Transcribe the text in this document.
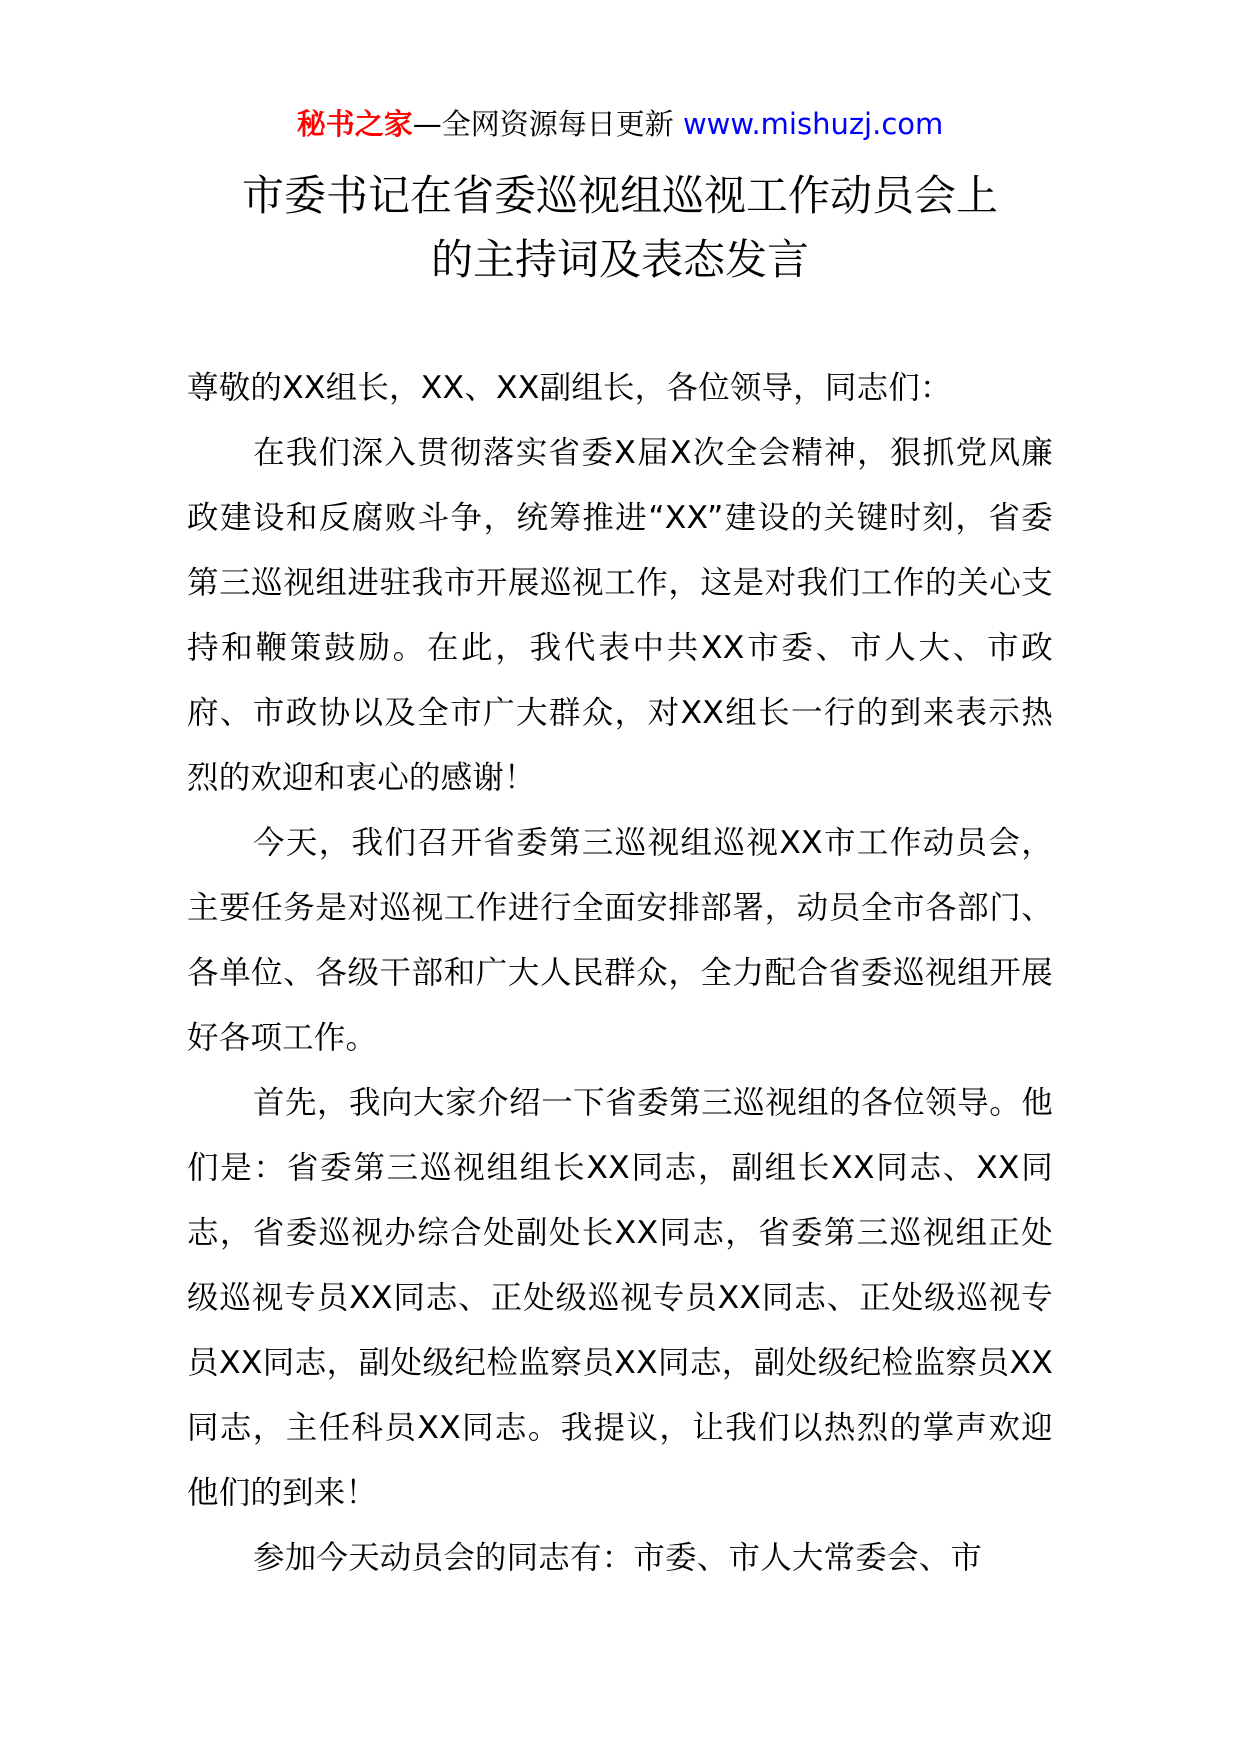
秘书之家—全网资源每日更新 www.mishuzj.com
市委书记在省委巡视组巡视工作动员会上
的主持词及表态发言

尊敬的XX组长，XX、XX副组长，各位领导，同志们：

在我们深入贯彻落实省委X届X次全会精神，狠抓党风廉政建设和反腐败斗争，统筹推进“XX”建设的关键时刻，省委第三巡视组进驻我市开展巡视工作，这是对我们工作的关心支持和鞭策鼓励。在此，我代表中共XX市委、市人大、市政府、市政协以及全市广大群众，对XX组长一行的到来表示热烈的欢迎和衷心的感谢！

今天，我们召开省委第三巡视组巡视XX市工作动员会，主要任务是对巡视工作进行全面安排部署，动员全市各部门、各单位、各级干部和广大人民群众，全力配合省委巡视组开展好各项工作。

首先，我向大家介绍一下省委第三巡视组的各位领导。他们是：省委第三巡视组组长XX同志，副组长XX同志、XX同志，省委巡视办综合处副处长XX同志，省委第三巡视组正处级巡视专员XX同志、正处级巡视专员XX同志、正处级巡视专员XX同志，副处级纪检监察员XX同志，副处级纪检监察员XX同志，主任科员XX同志。我提议，让我们以热烈的掌声欢迎他们的到来！

参加今天动员会的同志有：市委、市人大常委会、市
